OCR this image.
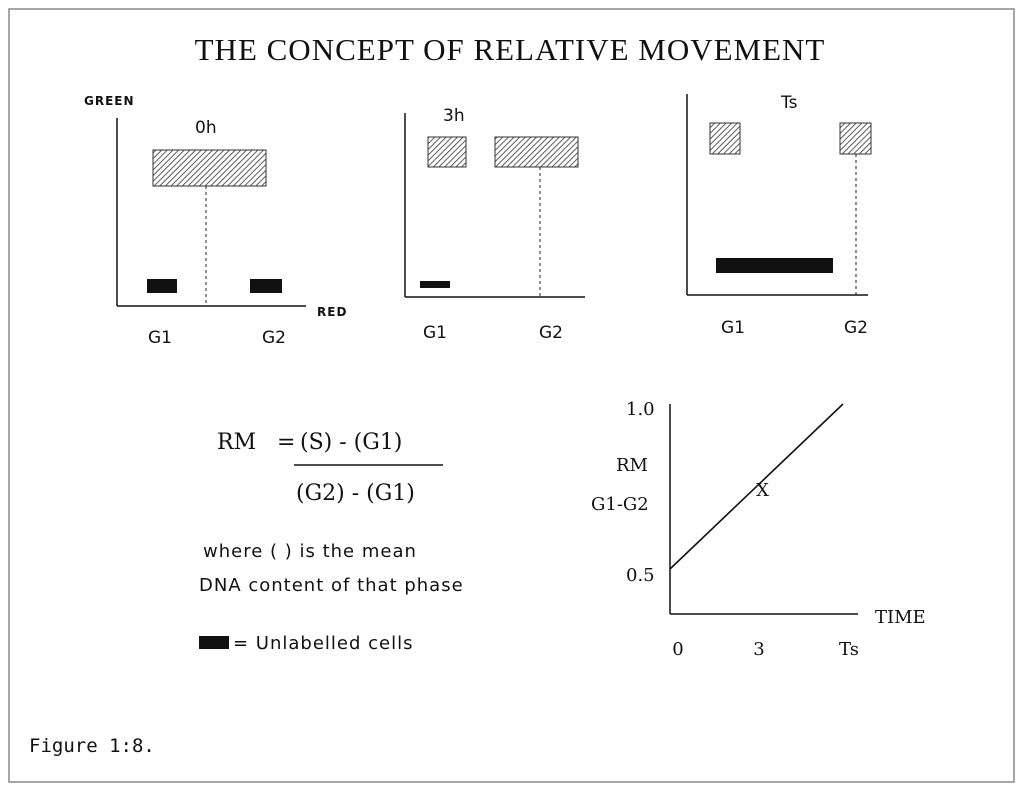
THE CONCEPT OF RELATIVE MOVEMENT
GREEN
0h
RED
G1	G2
3h
G1	G2
Ts
G1	G2
RM = (S) - (G1)
(G2) - (G1)
where ( ) is the mean
DNA content of that phase
= Unlabelled cells
1.0
0.5
RM
G1-G2
TIME
0	3	Ts
X
Figure 1:8.
